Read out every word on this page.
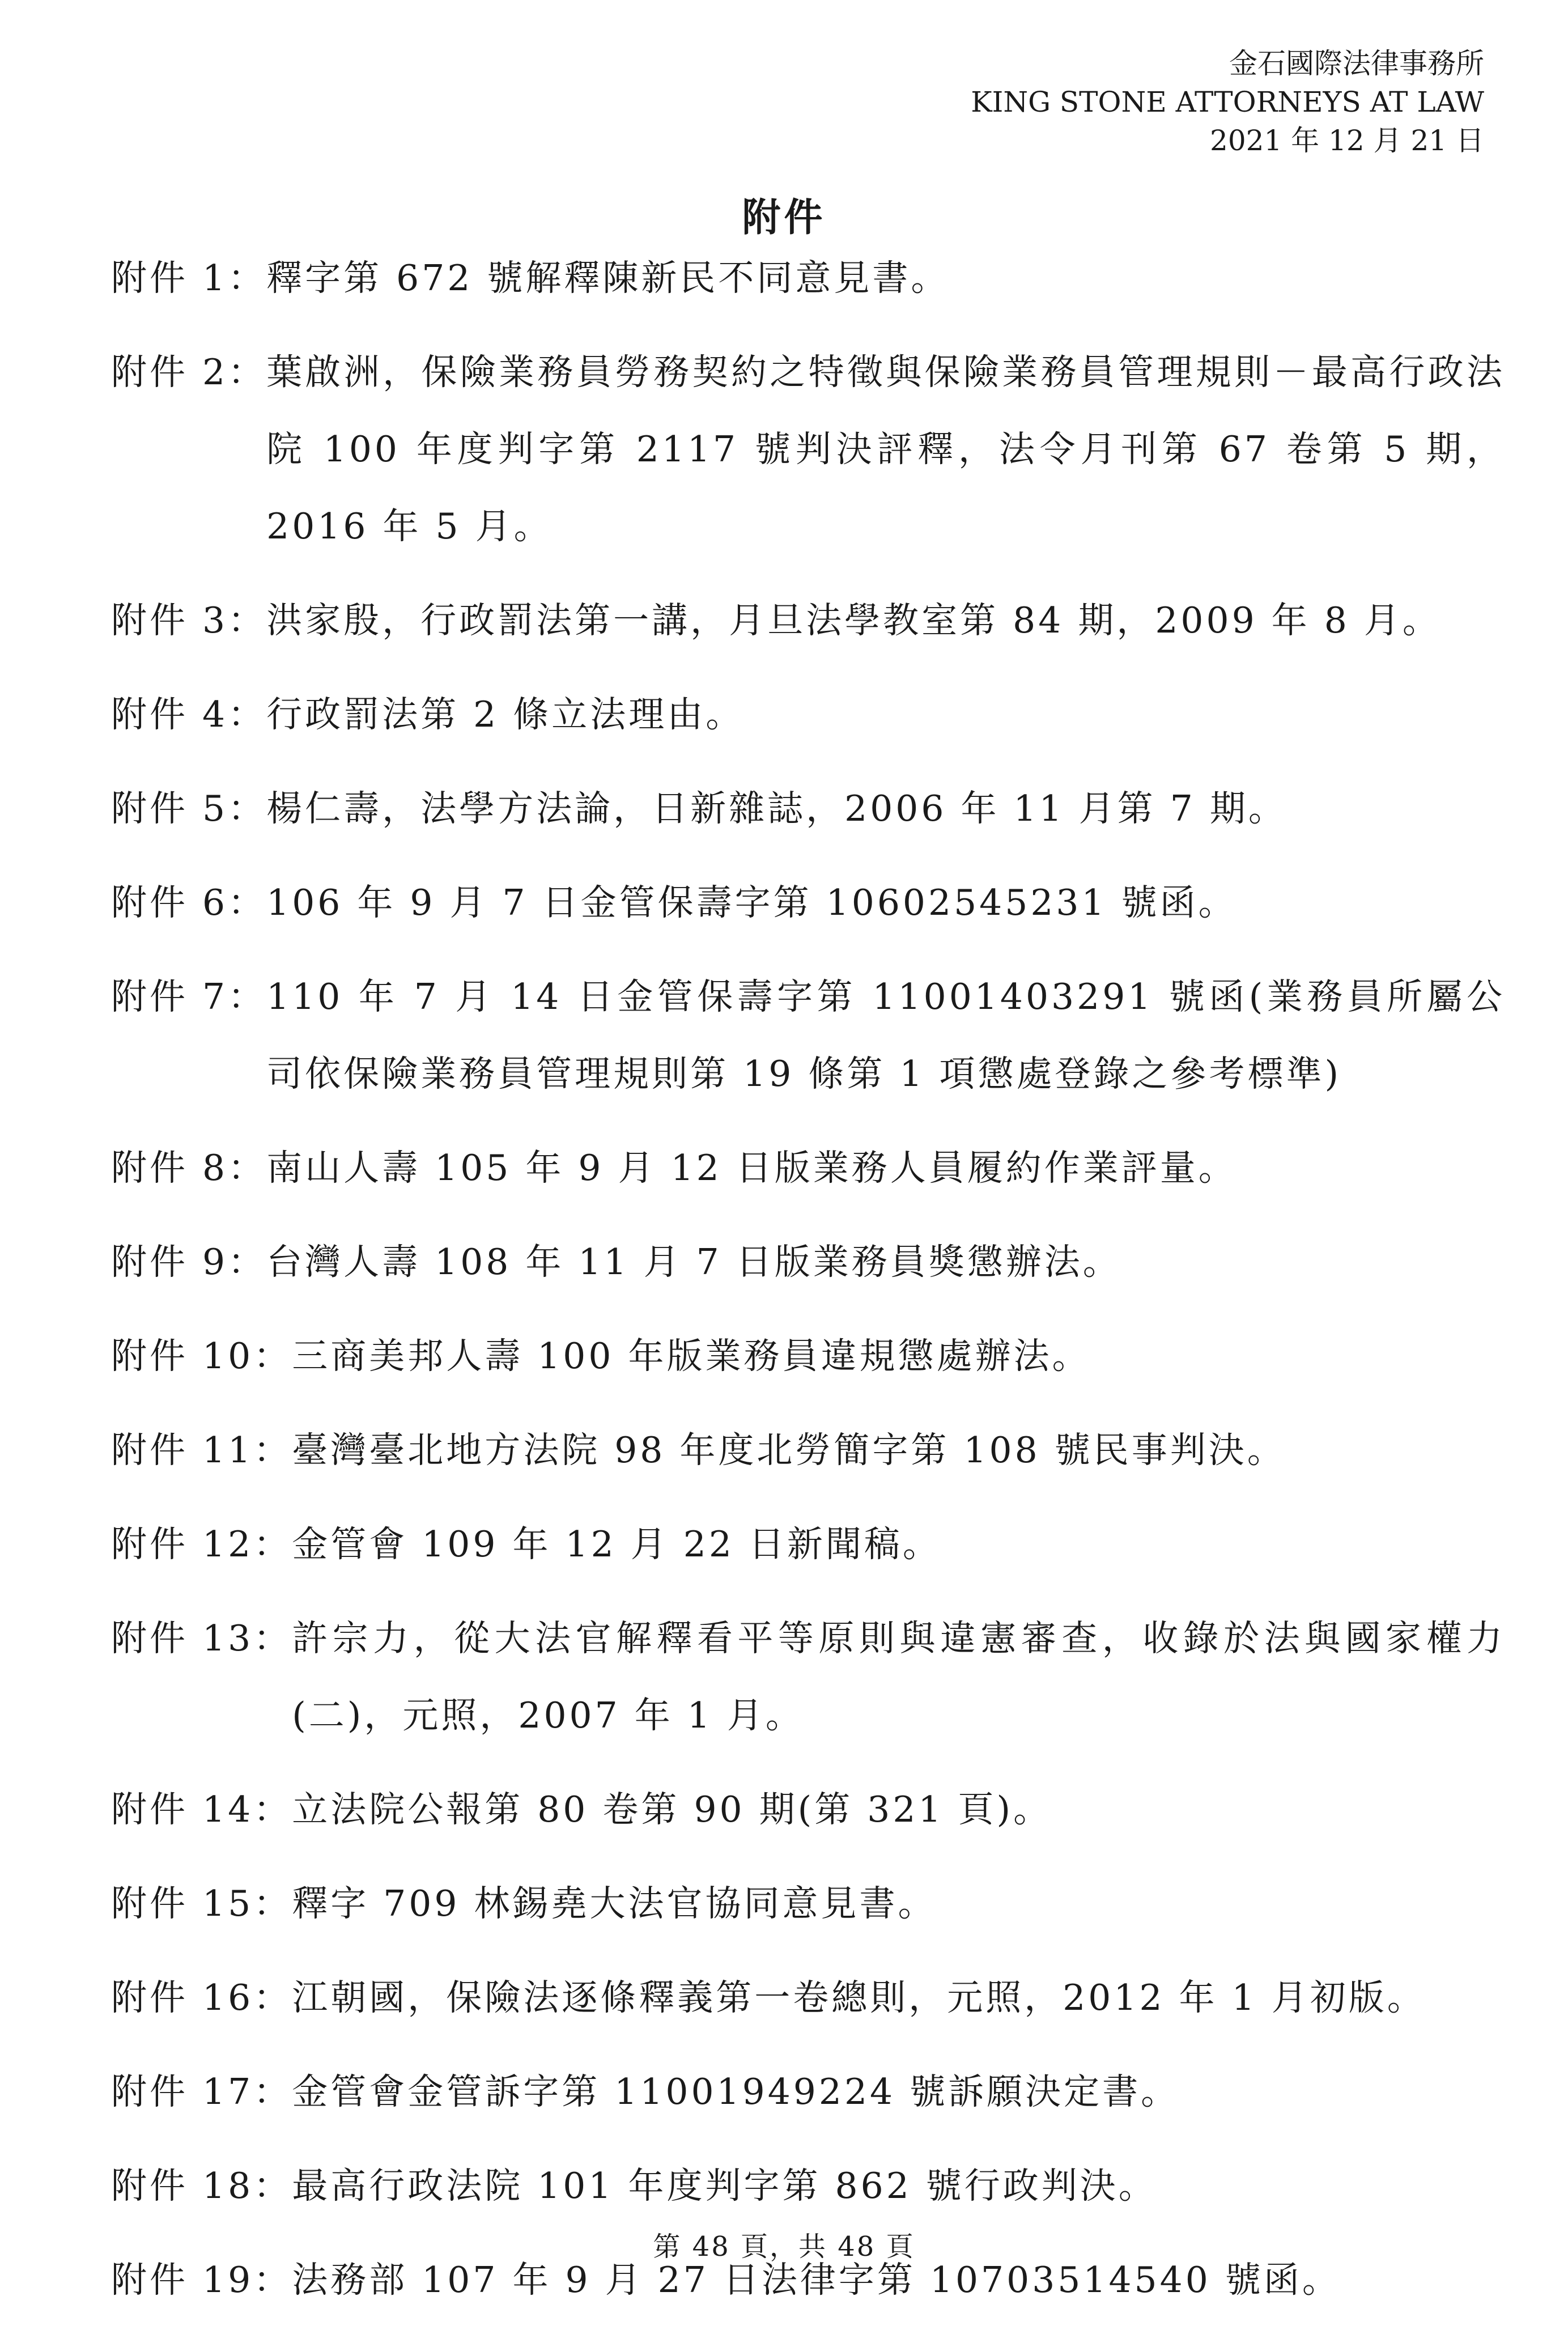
金石國際法律事務所
KING STONE ATTORNEYS AT LAW
2021 年 12 月 21 日
附件
附件 1： 釋字第 672 號解釋陳新民不同意見書。
附件 2： 葉啟洲，保險業務員勞務契約之特徵與保險業務員管理規則－最高行政法院 100 年度判字第 2117 號判決評釋，法令月刊第 67 卷第 5 期，2016 年 5 月。
附件 3： 洪家殷，行政罰法第一講，月旦法學教室第 84 期，2009 年 8 月。
附件 4： 行政罰法第 2 條立法理由。
附件 5： 楊仁壽，法學方法論，日新雜誌，2006 年 11 月第 7 期。
附件 6： 106 年 9 月 7 日金管保壽字第 10602545231 號函。
附件 7： 110 年 7 月 14 日金管保壽字第 11001403291 號函(業務員所屬公司依保險業務員管理規則第 19 條第 1 項懲處登錄之參考標準)
附件 8： 南山人壽 105 年 9 月 12 日版業務人員履約作業評量。
附件 9： 台灣人壽 108 年 11 月 7 日版業務員獎懲辦法。
附件 10： 三商美邦人壽 100 年版業務員違規懲處辦法。
附件 11： 臺灣臺北地方法院 98 年度北勞簡字第 108 號民事判決。
附件 12： 金管會 109 年 12 月 22 日新聞稿。
附件 13： 許宗力，從大法官解釋看平等原則與違憲審查，收錄於法與國家權力(二)，元照，2007 年 1 月。
附件 14： 立法院公報第 80 卷第 90 期(第 321 頁)。
附件 15： 釋字 709 林錫堯大法官協同意見書。
附件 16： 江朝國，保險法逐條釋義第一卷總則，元照，2012 年 1 月初版。
附件 17： 金管會金管訴字第 11001949224 號訴願決定書。
附件 18： 最高行政法院 101 年度判字第 862 號行政判決。
附件 19： 法務部 107 年 9 月 27 日法律字第 10703514540 號函。
第 48 頁，共 48 頁
